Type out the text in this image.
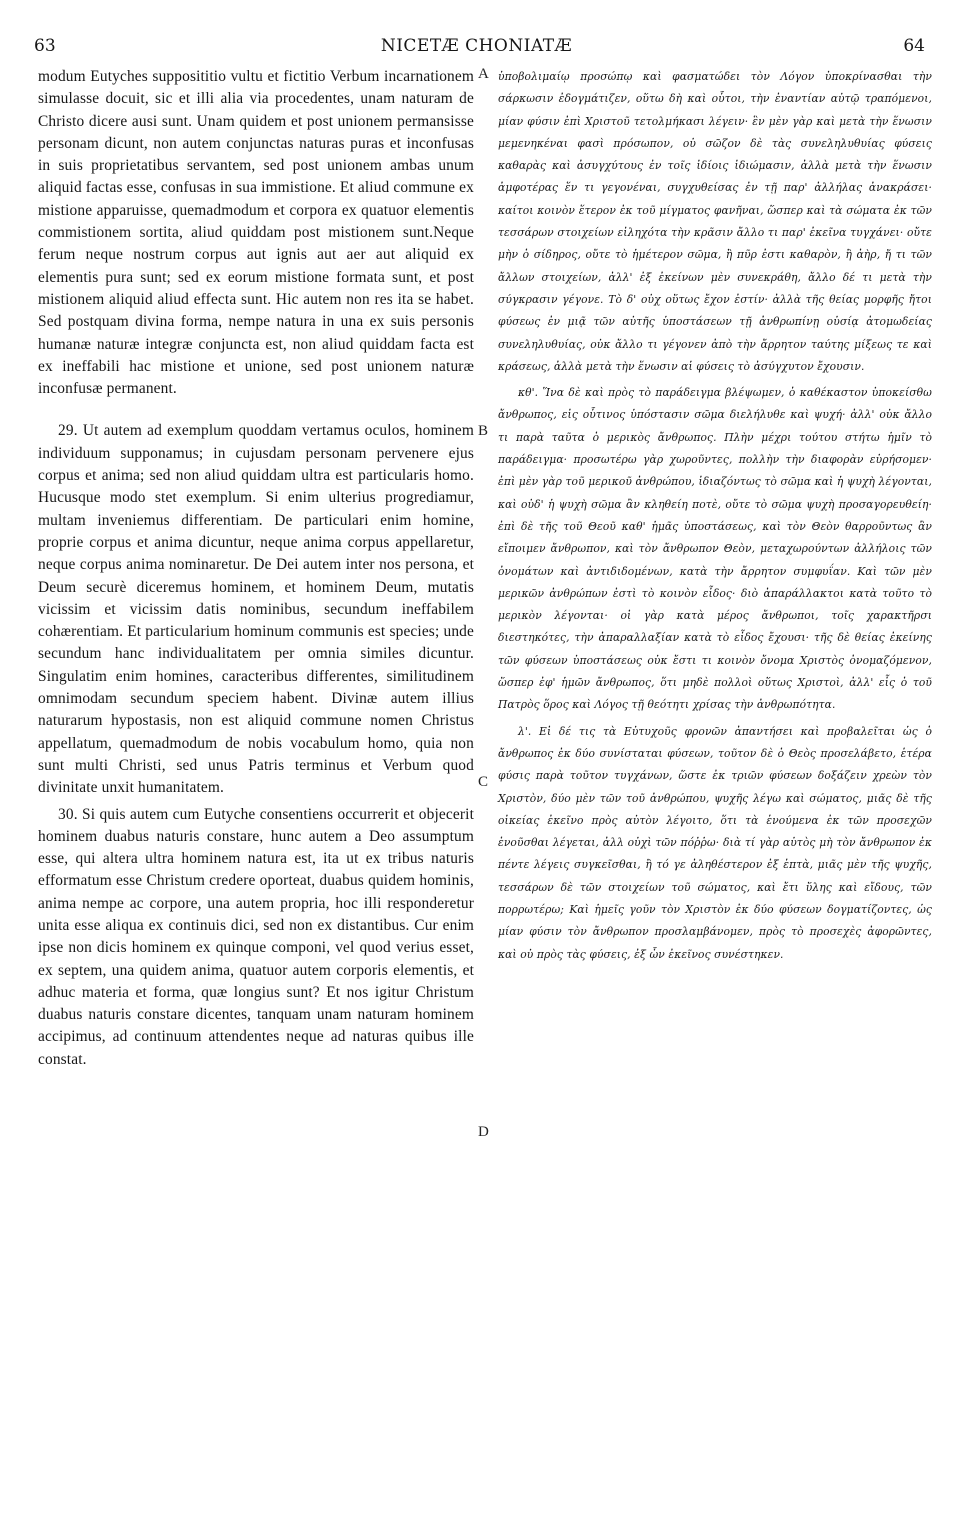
63	NICETÆ CHONIATÆ	64

modum Eutyches supposititio vultu et fictitio Verbum incarnationem simulasse docuit, sic et illi alia via procedentes, unam naturam de Christo dicere ausi sunt. Unam quidem et post unionem permansisse personam dicunt, non autem conjunctas naturas puras et inconfusas in suis proprietatibus servantem, sed post unionem ambas unum aliquid factas esse, confusas in sua immistione. Et aliud commune ex mistione apparuisse, quemadmodum et corpora ex quatuor elementis commistionem sortita, aliud quiddam post mistionem sunt.Neque ferum neque nostrum corpus aut ignis aut aer aut aliquid ex elementis pura sunt; sed ex eorum mistione formata sunt, et post mistionem aliquid aliud effecta sunt. Hic autem non res ita se habet. Sed postquam divina forma, nempe natura in una ex suis personis humanæ naturæ integræ conjuncta est, non aliud quiddam facta est ex ineffabili hac mistione et unione, sed post unionem naturæ inconfusæ permanent.

29. Ut autem ad exemplum quoddam vertamus oculos, hominem individuum supponamus; in cujusdam personam pervenere ejus corpus et anima; sed non aliud quiddam ultra est particularis homo. Hucusque modo stet exemplum. Si enim ulterius progrediamur, multam inveniemus differentiam. De particulari enim homine, proprie corpus et anima dicuntur, neque anima corpus appellaretur, neque corpus anima nominaretur. De Dei autem inter nos persona, et Deum securè diceremus hominem, et hominem Deum, mutatis vicissim et vicissim datis nominibus, secundum ineffabilem cohærentiam. Et particularium hominum communis est species; unde secundum hanc individualitatem per omnia similes dicuntur. Singulatim enim homines, caracteribus differentes, similitudinem omnimodam secundum speciem habent. Divinæ autem illius naturarum hypostasis, non est aliquid commune nomen Christus appellatum, quemadmodum de nobis vocabulum homo, quia non sunt multi Christi, sed unus Patris terminus et Verbum quod divinitate unxit humanitatem.

30. Si quis autem cum Eutyche consentiens occurrerit et objecerit hominem duabus naturis constare, hunc autem a Deo assumptum esse, qui altera ultra hominem natura est, ita ut ex tribus naturis efformatum esse Christum credere oporteat, duabus quidem hominis, anima nempe ac corpore, una autem propria, hoc illi responderetur unita esse aliqua ex continuis dici, sed non ex distantibus. Cur enim ipse non dicis hominem ex quinque componi, vel quod verius esset, ex septem, una quidem anima, quatuor autem corporis elementis, et adhuc materia et forma, quæ longius sunt? Et nos igitur Christum duabus naturis constare dicentes, tanquam unam naturam hominem accipimus, ad continuum attendentes neque ad naturas quibus ille constat.

A
B
C
D

ὑποβολιμαίῳ προσώπῳ καὶ φασματώδει τὸν Λόγον ὑποκρίνασθαι τὴν σάρκωσιν ἐδογμάτιζεν, οὕτω δὴ καὶ οὗτοι, τὴν ἐναντίαν αὐτῷ τραπόμενοι, μίαν φύσιν ἐπὶ Χριστοῦ τετολμήκασι λέγειν· ἓν μὲν γὰρ καὶ μετὰ τὴν ἕνωσιν μεμενηκέναι φασὶ πρόσωπον, οὐ σῶζον δὲ τὰς συνεληλυθυίας φύσεις καθαρὰς καὶ ἀσυγχύτους ἐν τοῖς ἰδίοις ἰδιώμασιν, ἀλλὰ μετὰ τὴν ἕνωσιν ἀμφοτέρας ἕν τι γεγονέναι, συγχυθείσας ἐν τῇ παρ' ἀλλήλας ἀνακράσει· καίτοι κοινὸν ἕτερον ἐκ τοῦ μίγματος φανῆναι, ὥσπερ καὶ τὰ σώματα ἐκ τῶν τεσσάρων στοιχείων εἰληχότα τὴν κρᾶσιν ἄλλο τι παρ' ἐκεῖνα τυγχάνει· οὔτε μὴν ὁ σίδηρος, οὔτε τὸ ἡμέτερον σῶμα, ἢ πῦρ ἐστι καθαρὸν, ἢ ἀὴρ, ἤ τι τῶν ἄλλων στοιχείων, ἀλλ' ἐξ ἐκείνων μὲν συνεκράθη, ἄλλο δέ τι μετὰ τὴν σύγκρασιν γέγονε. Τὸ δ' οὐχ οὕτως ἔχον ἐστίν· ἀλλὰ τῆς θείας μορφῆς ἤτοι φύσεως ἐν μιᾷ τῶν αὐτῆς ὑποστάσεων τῇ ἀνθρωπίνῃ οὐσίᾳ ἀτομωδείας συνεληλυθυίας, οὐκ ἄλλο τι γέγονεν ἀπὸ τὴν ἄρρητον ταύτης μίξεως τε καὶ κράσεως, ἀλλὰ μετὰ τὴν ἕνωσιν αἱ φύσεις τὸ ἀσύγχυτον ἔχουσιν.

κθ'. Ἵνα δὲ καὶ πρὸς τὸ παράδειγμα βλέψωμεν, ὁ καθέκαστον ὑποκείσθω ἄνθρωπος, εἰς οὗτινος ὑπόστασιν σῶμα διελήλυθε καὶ ψυχή· ἀλλ' οὐκ ἄλλο τι παρὰ ταῦτα ὁ μερικὸς ἄνθρωπος. Πλὴν μέχρι τούτου στήτω ἡμῖν τὸ παράδειγμα· προσωτέρω γὰρ χωροῦντες, πολλὴν τὴν διαφορὰν εὑρήσομεν· ἐπὶ μὲν γὰρ τοῦ μερικοῦ ἀνθρώπου, ἰδιαζόντως τὸ σῶμα καὶ ἡ ψυχὴ λέγονται, καὶ οὐδ' ἡ ψυχὴ σῶμα ἂν κληθείη ποτὲ, οὔτε τὸ σῶμα ψυχὴ προσαγορευθείη· ἐπὶ δὲ τῆς τοῦ Θεοῦ καθ' ἡμᾶς ὑποστάσεως, καὶ τὸν Θεὸν θαρροῦντως ἂν εἴποιμεν ἄνθρωπον, καὶ τὸν ἄνθρωπον Θεὸν, μεταχωρούντων ἀλλήλοις τῶν ὀνομάτων καὶ ἀντιδιδομένων, κατὰ τὴν ἄρρητον συμφυΐαν. Καὶ τῶν μὲν μερικῶν ἀνθρώπων ἐστὶ τὸ κοινὸν εἶδος· διὸ ἀπαράλλακτοι κατὰ τοῦτο τὸ μερικὸν λέγονται· οἱ γὰρ κατὰ μέρος ἄνθρωποι, τοῖς χαρακτῆρσι διεστηκότες, τὴν ἀπαραλλαξίαν κατὰ τὸ εἶδος ἔχουσι· τῆς δὲ θείας ἐκείνης τῶν φύσεων ὑποστάσεως οὐκ ἔστι τι κοινὸν ὄνομα Χριστὸς ὀνομαζόμενον, ὥσπερ ἐφ' ἡμῶν ἄνθρωπος, ὅτι μηδὲ πολλοὶ οὕτως Χριστοὶ, ἀλλ' εἷς ὁ τοῦ Πατρὸς ὅρος καὶ Λόγος τῇ θεότητι χρίσας τὴν ἀνθρωπότητα.

λ'. Εἰ δέ τις τὰ Εὐτυχοῦς φρονῶν ἀπαντήσει καὶ προβαλεῖται ὡς ὁ ἄνθρωπος ἐκ δύο συνίσταται φύσεων, τοῦτον δὲ ὁ Θεὸς προσελάβετο, ἑτέρα φύσις παρὰ τοῦτον τυγχάνων, ὥστε ἐκ τριῶν φύσεων δοξάζειν χρεὼν τὸν Χριστὸν, δύο μὲν τῶν τοῦ ἀνθρώπου, ψυχῆς λέγω καὶ σώματος, μιᾶς δὲ τῆς οἰκείας ἐκεῖνο πρὸς αὐτὸν λέγοιτο, ὅτι τὰ ἑνούμενα ἐκ τῶν προσεχῶν ἑνοῦσθαι λέγεται, ἀλλ οὐχὶ τῶν πόῤῥω· διὰ τί γὰρ αὐτὸς μὴ τὸν ἄνθρωπον ἐκ πέντε λέγεις συγκεῖσθαι, ἢ τό γε ἀληθέστερον ἐξ ἑπτὰ, μιᾶς μὲν τῆς ψυχῆς, τεσσάρων δὲ τῶν στοιχείων τοῦ σώματος, καὶ ἔτι ὕλης καὶ εἴδους, τῶν πορρωτέρω; Καὶ ἡμεῖς γοῦν τὸν Χριστὸν ἐκ δύο φύσεων δογματίζοντες, ὡς μίαν φύσιν τὸν ἄνθρωπον προσλαμβάνομεν, πρὸς τὸ προσεχὲς ἀφορῶντες, καὶ οὐ πρὸς τὰς φύσεις, ἐξ ὧν ἐκεῖνος συνέστηκεν.
